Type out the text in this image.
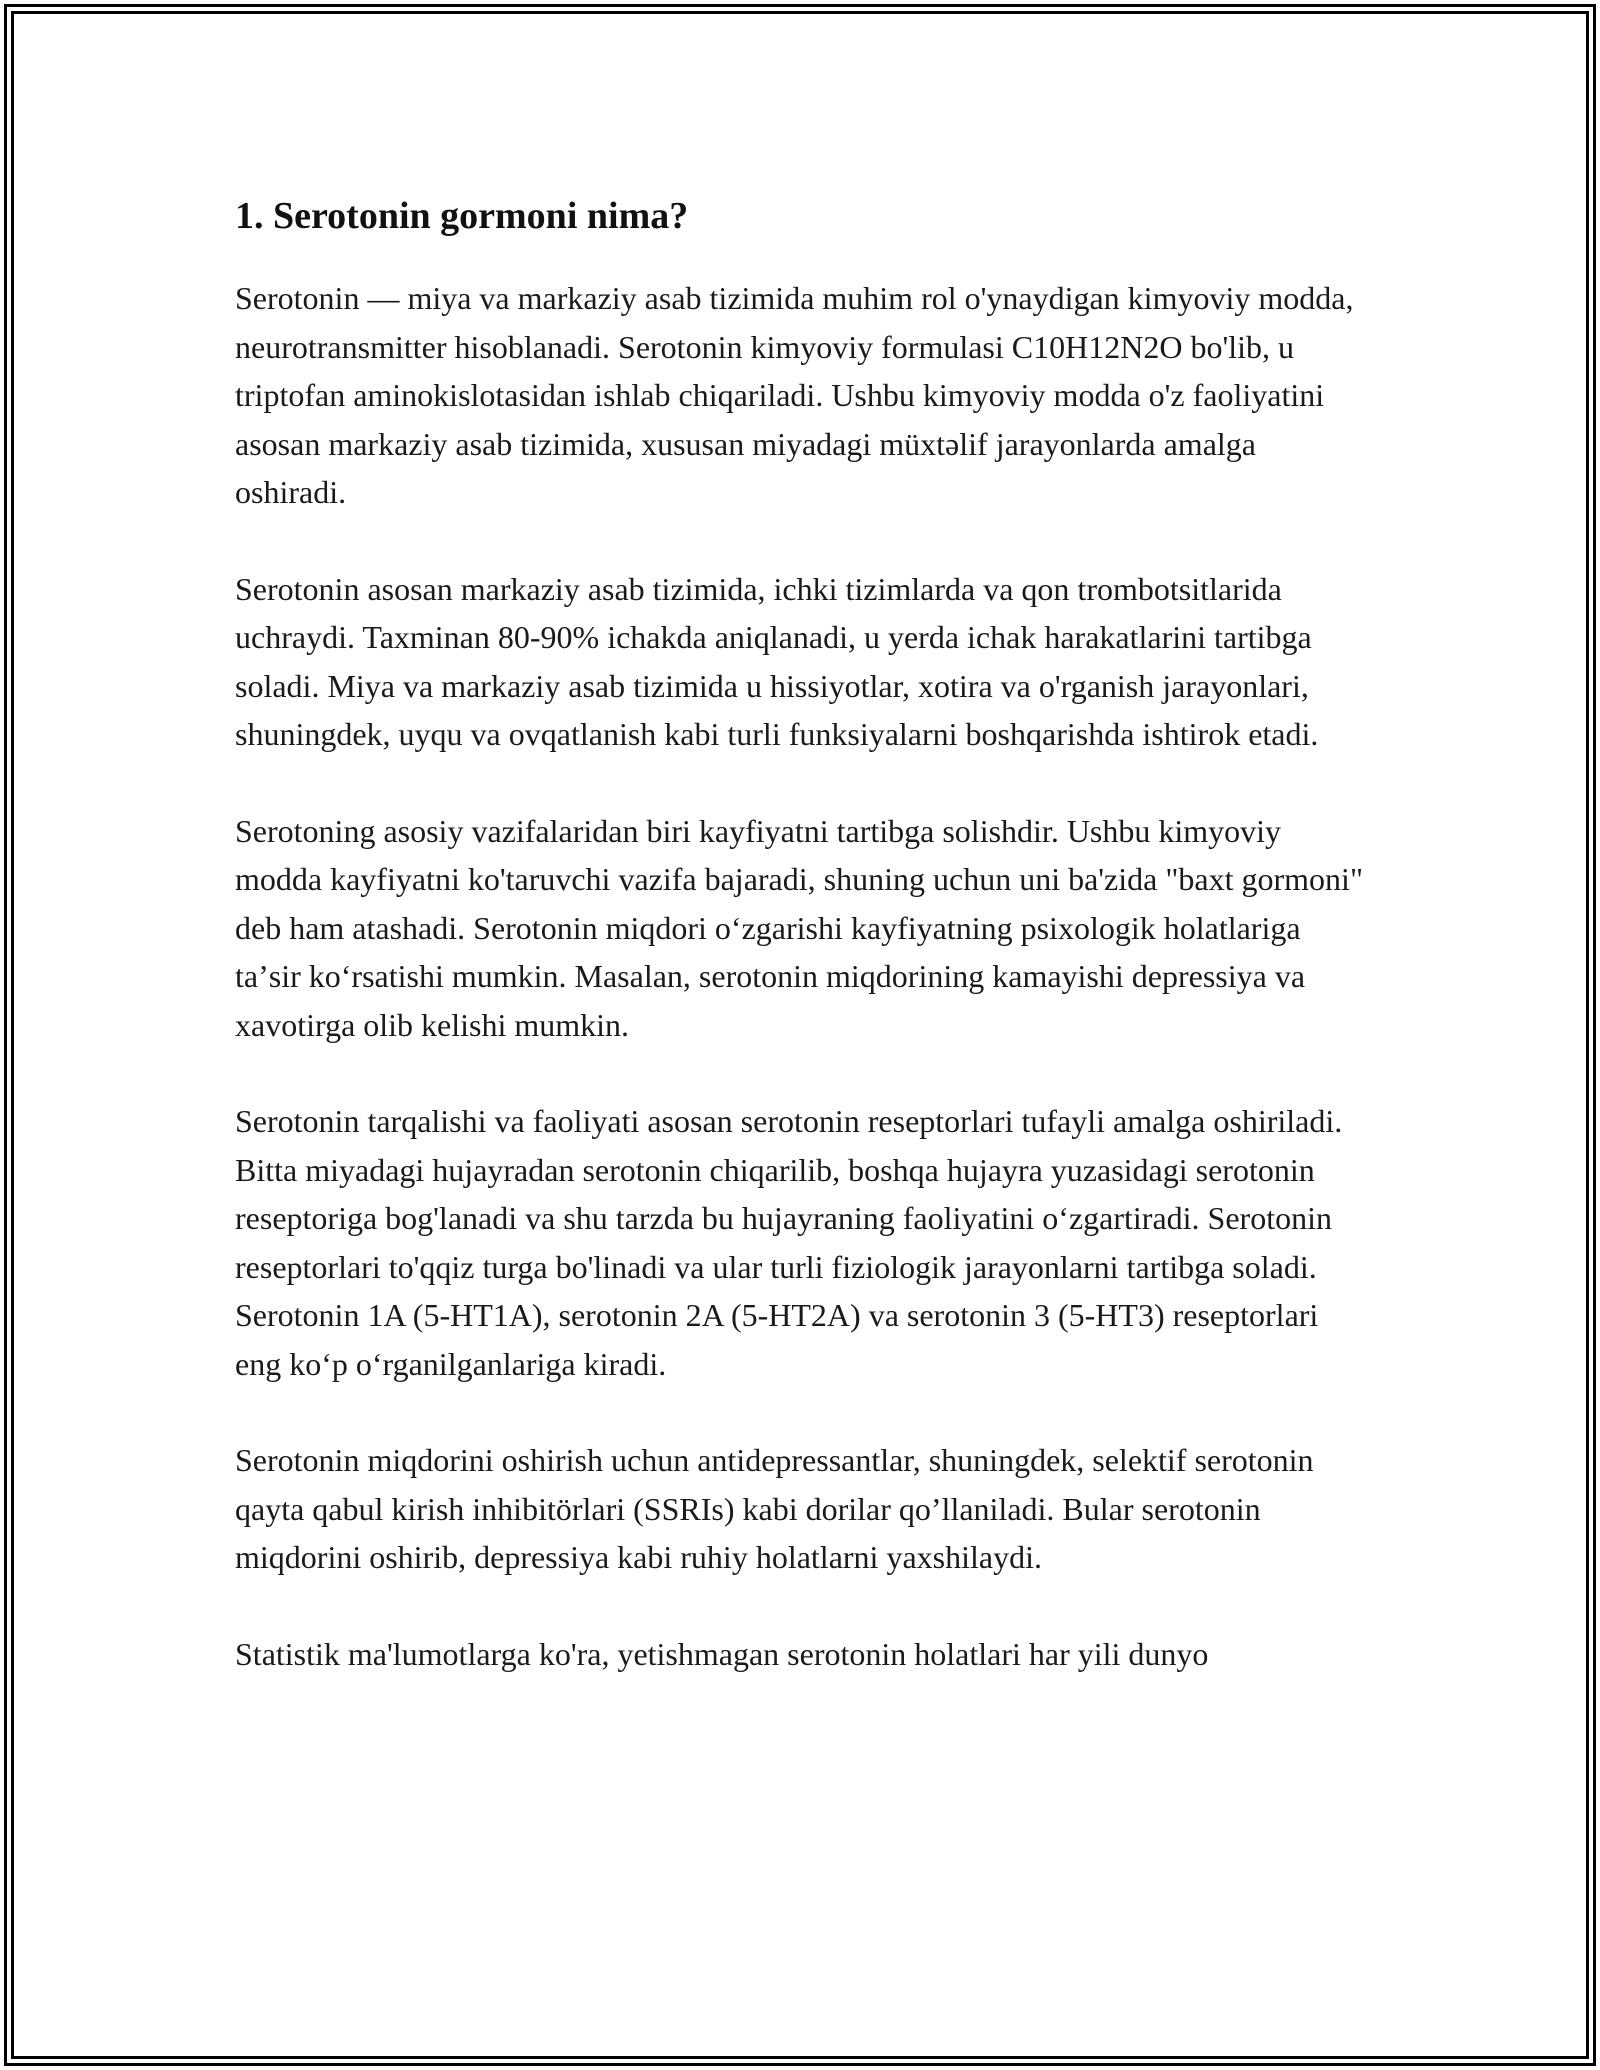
1. Serotonin gormoni nima?

Serotonin — miya va markaziy asab tizimida muhim rol o'ynaydigan kimyoviy modda, neurotransmitter hisoblanadi. Serotonin kimyoviy formulasi C10H12N2O bo'lib, u triptofan aminokislotasidan ishlab chiqariladi. Ushbu kimyoviy modda o'z faoliyatini asosan markaziy asab tizimida, xususan miyadagi müxtəlif jarayonlarda amalga oshiradi.

Serotonin asosan markaziy asab tizimida, ichki tizimlarda va qon trombotsitlarida uchraydi. Taxminan 80-90% ichakda aniqlanadi, u yerda ichak harakatlarini tartibga soladi. Miya va markaziy asab tizimida u hissiyotlar, xotira va o'rganish jarayonlari, shuningdek, uyqu va ovqatlanish kabi turli funksiyalarni boshqarishda ishtirok etadi.

Serotoning asosiy vazifalaridan biri kayfiyatni tartibga solishdir. Ushbu kimyoviy modda kayfiyatni ko'taruvchi vazifa bajaradi, shuning uchun uni ba'zida "baxt gormoni" deb ham atashadi. Serotonin miqdori oʻzgarishi kayfiyatning psixologik holatlariga taʼsir koʻrsatishi mumkin. Masalan, serotonin miqdorining kamayishi depressiya va xavotirga olib kelishi mumkin.

Serotonin tarqalishi va faoliyati asosan serotonin reseptorlari tufayli amalga oshiriladi. Bitta miyadagi hujayradan serotonin chiqarilib, boshqa hujayra yuzasidagi serotonin reseptoriga bog'lanadi va shu tarzda bu hujayraning faoliyatini oʻzgartiradi. Serotonin reseptorlari to'qqiz turga bo'linadi va ular turli fiziologik jarayonlarni tartibga soladi. Serotonin 1A (5-HT1A), serotonin 2A (5-HT2A) va serotonin 3 (5-HT3) reseptorlari eng koʻp oʻrganilganlariga kiradi.

Serotonin miqdorini oshirish uchun antidepressantlar, shuningdek, selektif serotonin qayta qabul kirish inhibitörlari (SSRIs) kabi dorilar qo’llaniladi. Bular serotonin miqdorini oshirib, depressiya kabi ruhiy holatlarni yaxshilaydi.

Statistik ma'lumotlarga ko'ra, yetishmagan serotonin holatlari har yili dunyo
